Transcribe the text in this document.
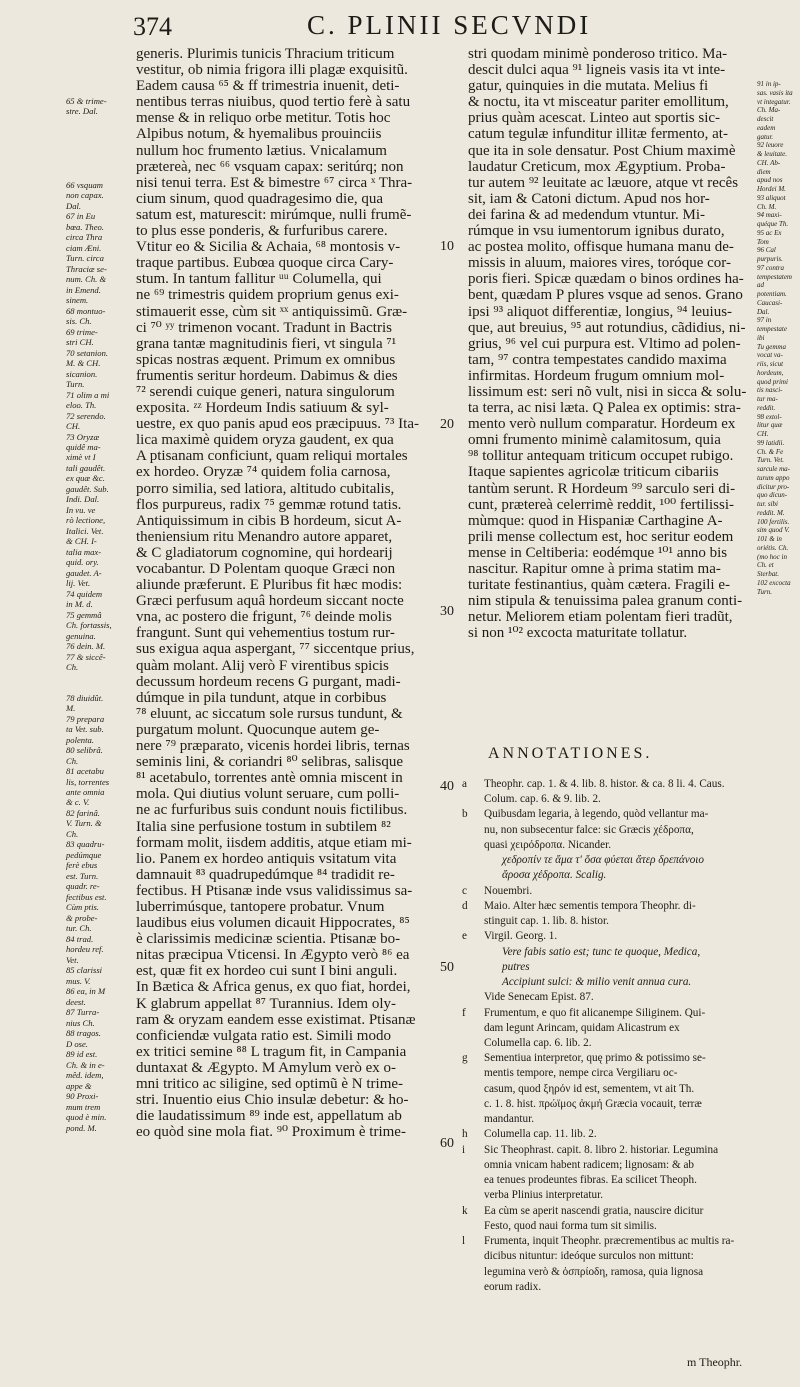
374	C. PLINII SECVNDI
65 & trime-
stre. Dal.

66 vsquam
non capax.
Dal.
67 in Eu
bœa. Theo.
circa Thra
ciam Æni.
Turn. circa
Thraciæ se-
num. Ch. &
in Emend.
sinem.
68 montuo-
sis. Ch.
69 trime-
stri CH.
70 setanion.
M. & CH.
sicanion.
Turn.
71 olim a mi
eloo. Th.
72 serendo.
CH.
73 Oryzæ
quidê ma-
ximè vt I
tali gaudêt.
ex quæ &c.
gaudêt. Sub.
Indi. Dal.
In vu. ve
rò lectione,
Italici. Vet.
& CH. I-
talia max-
quid. ory.
gaudet. A-
lij. Vet.
74 quidem
in M. d.
75 gemmâ
Ch. fortassis,
genuina.
76 dein. M.
77 & siccê-
Ch.
78 diuidût.
M.
79 prepara
ta Vet. sub.
polenta.
80 selibrâ.
Ch.
81 acetabu
lis, torrentes
ante omnia
& c. V.
82 farinâ.
V. Turn. &
Ch.
83 quadru-
pedúmque
ferè ebus
est. Turn.
quadr. re-
fectibus est.
Cùm ptis.
& probe-
tur. Ch.
84 trad.
hordeu ref.
Vet.
85 clarissi
mus. V.
86 ea, in M
deest.
87 Turra-
nius Ch.
88 tragos.
D ose.
89 id est.
Ch. & in e-
mêd. idem,
appe &
90 Proxi-
mum trem
quod è min.
pond. M.
generis. Plurimis tunicis Thracium triticum
vestitur, ob nimia frigora illi plagæ exquisitũ.
Eadem causa ⁶⁵ & ff trimestria inuenit, deti-
nentibus terras niuibus, quod tertio ferè à satu
mense & in reliquo orbe metitur. Totis hoc
Alpibus notum, & hyemalibus prouinciis
nullum hoc frumento lætius. Vnicalamum
prætereà, nec ⁶⁶ vsquam capax: seritúrq; non
nisi tenui terra. Est & bimestre ⁶⁷ circa ˣ Thra-
cium sinum, quod quadragesimo die, qua
satum est, maturescit: mirúmque, nulli frumẽ-
to plus esse ponderis, & furfuribus carere.
Vtitur eo & Sicilia & Achaia, ⁶⁸ montosis v-
traque partibus. Eubœa quoque circa Cary-
stum. In tantum fallitur ᵘᵘ Columella, qui
ne ⁶⁹ trimestris quidem proprium genus exi-
stimauerit esse, cùm sit ˣˣ antiquissimũ. Græ-
ci ⁷⁰ ʸʸ trimenon vocant. Tradunt in Bactris
grana tantæ magnitudinis fieri, vt singula ⁷¹
spicas nostras æquent. Primum ex omnibus
frumentis seritur hordeum. Dabimus & dies
⁷² serendi cuique generi, natura singulorum
exposita. ᶻᶻ Hordeum Indis satiuum & syl-
uestre, ex quo panis apud eos præcipuus. ⁷³ Ita-
lica maximè quidem oryza gaudent, ex qua
A ptisanam conficiunt, quam reliqui mortales
ex hordeo. Oryzæ ⁷⁴ quidem folia carnosa,
porro similia, sed latiora, altitudo cubitalis,
flos purpureus, radix ⁷⁵ gemmæ rotund tatis.
Antiquissimum in cibis B hordeum, sicut A-
theniensium ritu Menandro autore apparet,
& C gladiatorum cognomine, qui hordearij
vocabantur. D Polentam quoque Græci non
aliunde præferunt. E Pluribus fit hæc modis:
Græci perfusum aquâ hordeum siccant nocte
vna, ac postero die frigunt, ⁷⁶ deinde molis
frangunt. Sunt qui vehementius tostum rur-
sus exigua aqua aspergant, ⁷⁷ siccentque prius,
quàm molant. Alij verò F virentibus spicis
decussum hordeum recens G purgant, madi-
dúmque in pila tundunt, atque in corbibus
⁷⁸ eluunt, ac siccatum sole rursus tundunt, &
purgatum molunt. Quocunque autem ge-
nere ⁷⁹ præparato, vicenis hordei libris, ternas
seminis lini, & coriandri ⁸⁰ selibras, salisque
⁸¹ acetabulo, torrentes antè omnia miscent in
mola. Qui diutius volunt seruare, cum polli-
ne ac furfuribus suis condunt nouis fictilibus.
Italia sine perfusione tostum in subtilem ⁸²
formam molit, iisdem additis, atque etiam mi-
lio. Panem ex hordeo antiquis vsitatum vita
damnauit ⁸³ quadrupedúmque ⁸⁴ tradidit re-
fectibus. H Ptisanæ inde vsus validissimus sa-
luberrimúsque, tantopere probatur. Vnum
laudibus eius volumen dicauit Hippocrates, ⁸⁵
è clarissimis medicinæ scientia. Ptisanæ bo-
nitas præcipua Vticensi. In Ægypto verò ⁸⁶ ea
est, quæ fit ex hordeo cui sunt I bini anguli.
In Bætica & Africa genus, ex quo fiat, hordei,
K glabrum appellat ⁸⁷ Turannius. Idem oly-
ram & oryzam eandem esse existimat. Ptisanæ
conficiendæ vulgata ratio est. Simili modo
ex tritici semine ⁸⁸ L tragum fit, in Campania
duntaxat & Ægypto. M Amylum verò ex o-
mni tritico ac siligine, sed optimũ è N trime-
stri. Inuentio eius Chio insulæ debetur: & ho-
die laudatissimum ⁸⁹ inde est, appellatum ab
eo quòd sine mola fiat. ⁹⁰ Proximum è trime-
stri quodam minimè ponderoso tritico. Ma-
descit dulci aqua ⁹¹ ligneis vasis ita vt inte-
gatur, quinquies in die mutata. Melius fi
& noctu, ita vt misceatur pariter emollitum,
prius quàm acescat. Linteo aut sportis sic-
catum tegulæ infunditur illitæ fermento, at-
que ita in sole densatur. Post Chium maximè
laudatur Creticum, mox Ægyptium. Proba-
tur autem ⁹² leuitate ac læuore, atque vt recês
sit, iam & Catoni dictum. Apud nos hor-
dei farina & ad medendum vtuntur. Mi-
rúmque in vsu iumentorum ignibus durato,
ac postea molito, offisque humana manu de-
missis in aluum, maiores vires, toróque cor-
poris fieri. Spicæ quædam o binos ordines ha-
bent, quædam P plures vsque ad senos. Grano
ipsi ⁹³ aliquot differentiæ, longius, ⁹⁴ leuius-
que, aut breuius, ⁹⁵ aut rotundius, cãdidius, ni-
grius, ⁹⁶ vel cui purpura est. Vltimo ad polen-
tam, ⁹⁷ contra tempestates candido maxima
infirmitas. Hordeum frugum omnium mol-
lissimum est: seri nõ vult, nisi in sicca & solu-
ta terra, ac nisi læta. Q Palea ex optimis: stra-
mento verò nullum comparatur. Hordeum ex
omni frumento minimè calamitosum, quia
⁹⁸ tollitur antequam triticum occupet rubigo.
Itaque sapientes agricolæ triticum cibariis
tantùm serunt. R Hordeum ⁹⁹ sarculo seri di-
cunt, prætereà celerrimè reddit, ¹⁰⁰ fertilissi-
mùmque: quod in Hispaniæ Carthagine A-
prili mense collectum est, hoc seritur eodem
mense in Celtiberia: eodémque ¹⁰¹ anno bis
nascitur. Rapitur omne à prima statim ma-
turitate festinantius, quàm cætera. Fragili e-
nim stipula & tenuissima palea granum conti-
netur. Meliorem etiam polentam fieri tradũt,
si non ¹⁰² excocta maturitate tollatur.
91 in ip-
sas. vasis ita
vt integatur.
Ch. Ma-
descit
eadem
gatur.
92 leuore
& leuitate.
CH. Ab-
diem
apud nos
Hordei M.
93 aliquot
Ch. M.
94 maxi-
quéque Th.
95 ac Ex
Tom
96 Cal
purpuris.
97 contra
tempestatem
ad
potentiam.
Caucasi-
Dal.
97 in
tempestate
ibi
Tu gemma
vocat va-
riis, sicut
hordeum,
quod primi
tis nasci-
tur ma-
reddit.
98 extol-
litur quæ
CH.
99 latidii.
Ch. & Fe
Turn. Vet.
sarcule ma-
turum appo
dicitur pro-
quo dicun-
tur. sibi
reddit. M.
100 fertilis.
sim quod V.
101 & in
oriétis. Ch.
(mo hoc in
Ch. et
Sterbat.
102 excocta
Turn.
10
20
30
40
50
60
ANNOTATIONES.
a	Theophr. cap. 1. & 4. lib. 8. histor. & ca. 8 li. 4. Caus.
Colum. cap. 6. & 9. lib. 2.
b	Quibusdam legaria, à legendo, quòd vellantur ma-
nu, non subsecentur falce: sic Græcis χέδροπα,
quasi χειρόδροπα. Nicander.
χεδροπίν τε ἅμα τ' ὅσα φύεται ἄτερ δρεπάνοιο
ἄροσα χέδροπα. Scalig.
c	Nouembri.
d	Maio. Alter hæc sementis tempora Theophr. di-
stinguit cap. 1. lib. 8. histor.
e	Virgil. Georg. 1.
Vere fabis satio est; tunc te quoque, Medica,
putres
Accipiunt sulci: & milio venit annua cura.
Vide Senecam Epist. 87.
f	Frumentum, e quo fit alicanempe Siliginem. Qui-
dam legunt Arincam, quidam Alicastrum ex
Columella cap. 6. lib. 2.
g	Sementiua interpretor, quę primo & potissimo se-
mentis tempore, nempe circa Vergiliaru oc-
casum, quod ξηρόν id est, sementem, vt ait Th.
c. 1. 8. hist. πρώϊμος ἀκμή Græcia vocauit, terræ
mandantur.
h	Columella cap. 11. lib. 2.
i	Sic Theophrast. capit. 8. libro 2. historiar. Legumina
omnia vnicam habent radicem; lignosam: & ab
ea tenues prodeuntes fibras. Ea scilicet Theoph.
verba Plinius interpretatur.
k	Ea cùm se aperit nascendi gratia, nauscire dicitur
Festo, quod naui forma tum sit similis.
l	Frumenta, inquit Theophr. præcrementibus ac multis ra-
dicibus nituntur: ideóque surculos non mittunt:
legumina verò & ὀσπρίοδη, ramosa, quia lignosa
eorum radix.
m Theophr.
